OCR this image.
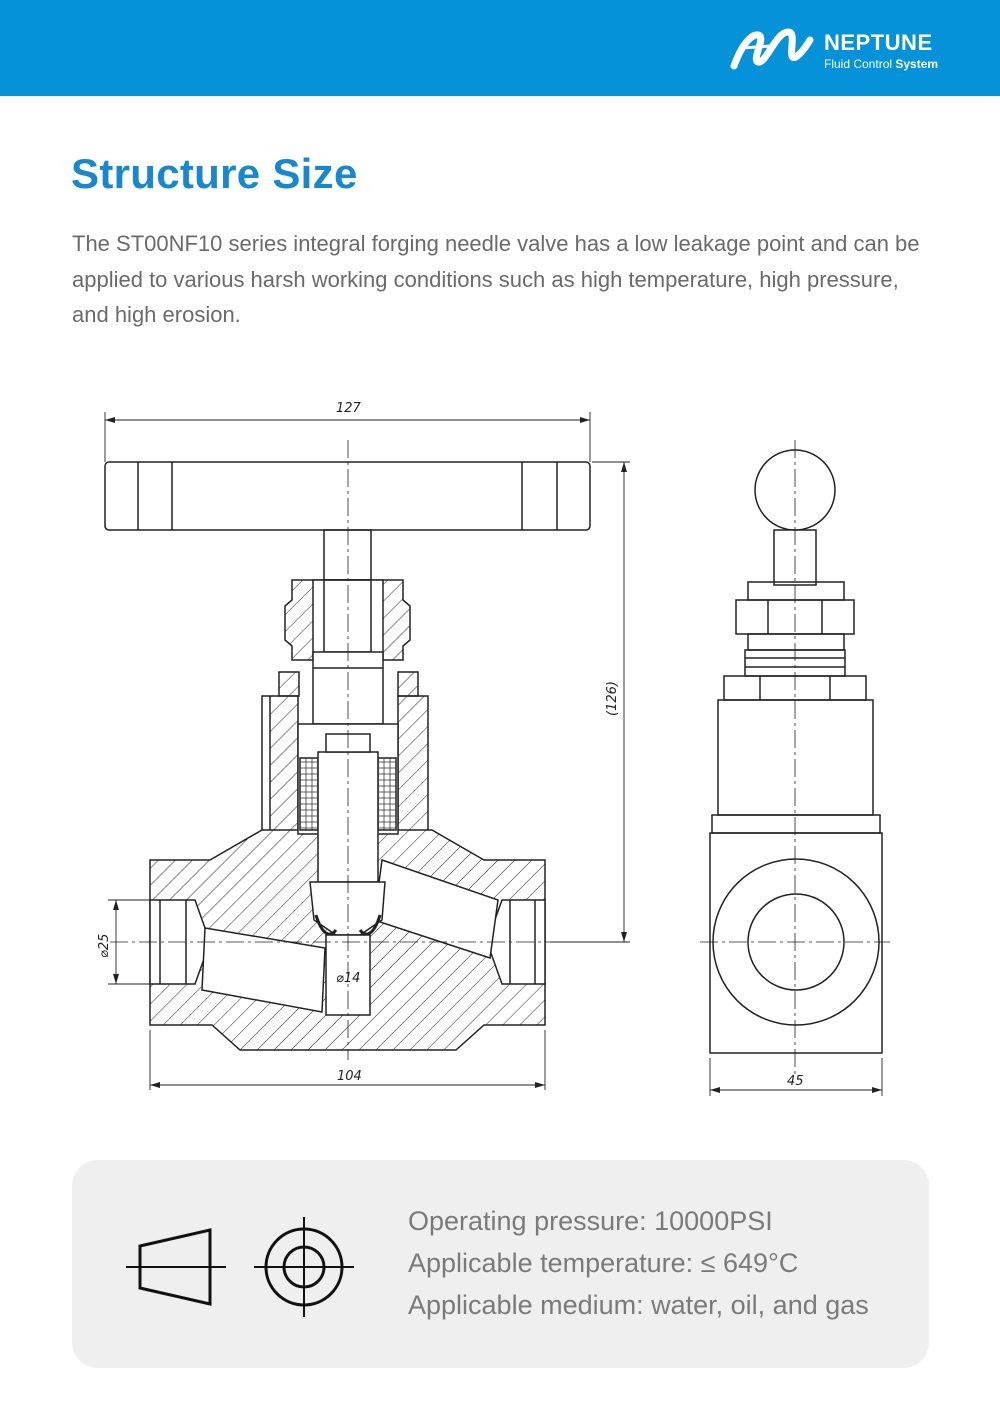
NEPTUNE
Fluid Control System
Structure Size

The ST00NF10 series integral forging needle valve has a low leakage point and can be applied to various harsh working conditions such as high temperature, high pressure, and high erosion.

127
(126)
⌀25
⌀14
104	45
Operating pressure: 10000PSI
Applicable temperature: ≤ 649°C
Applicable medium: water, oil, and gas
